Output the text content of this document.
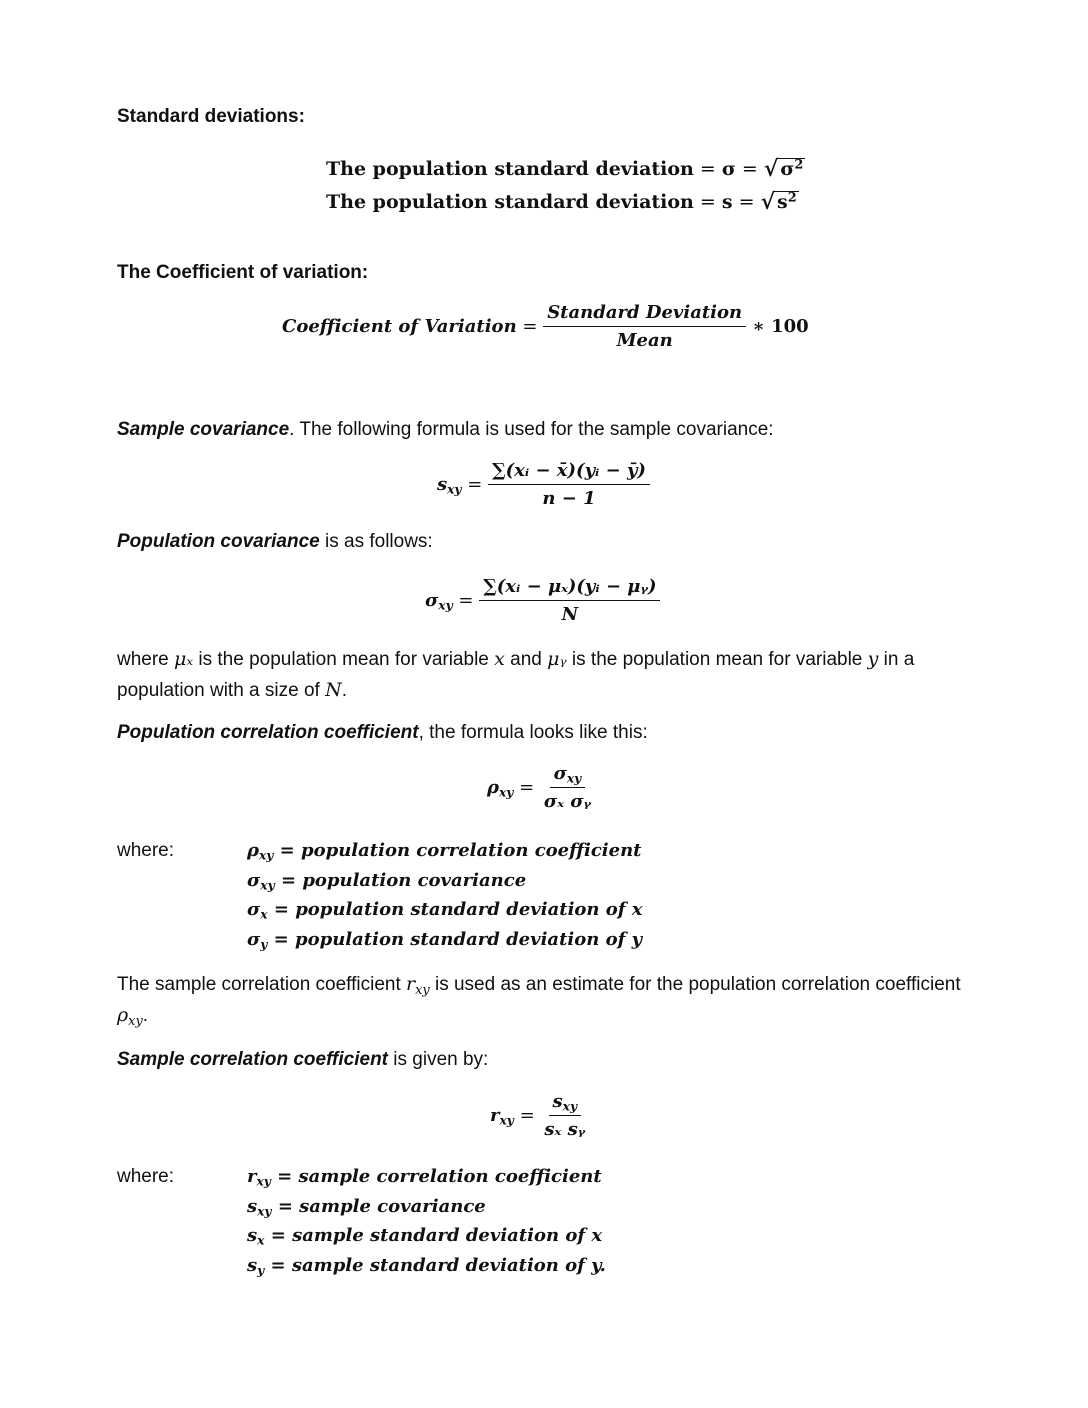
Standard deviations:
The population standard deviation = σ = √ $\sigma^2$
The population standard deviation = s = √ $s^2$
The Coefficient of variation:
Coefficient of Variation = $\frac{\text{Standard Deviation}}{\text{Mean}}$
∗ 100
Sample covariance. The following formula is used for the sample covariance:
$s_{xy} = \frac{\text{∑(xᵢ − x̄)(yᵢ − ȳ)}}{n - 1}$
Population covariance is as follows:
$\sigma_{xy} = \frac{\text{∑(xᵢ − μₓ)(yᵢ − μᵧ)}}{N}$
where μₓ is the population mean for variable x and μᵧ is the population mean for variable y in a population with a size of N.
Population correlation coefficient, the formula looks like this:
$\rho_{xy} = \frac{\sigma_{xy}}{\text{σₓ σᵧ}}$
where:	$\rho_{xy}$ = population correlation coefficient
$\sigma_{xy}$ = population covariance
$\sigma_x$ = population standard deviation of x
$\sigma_y$ = population standard deviation of y
The sample correlation coefficient $r_{xy}$ is used as an estimate for the population correlation coefficient $\rho_{xy}$.
Sample correlation coefficient is given by:
$r_{xy} = \frac{s_{xy}}{\text{sₓ sᵧ}}$
where:	$r_{xy}$ = sample correlation coefficient
$s_{xy}$ = sample covariance
$s_x$ = sample standard deviation of x
$s_y$ = sample standard deviation of y.
